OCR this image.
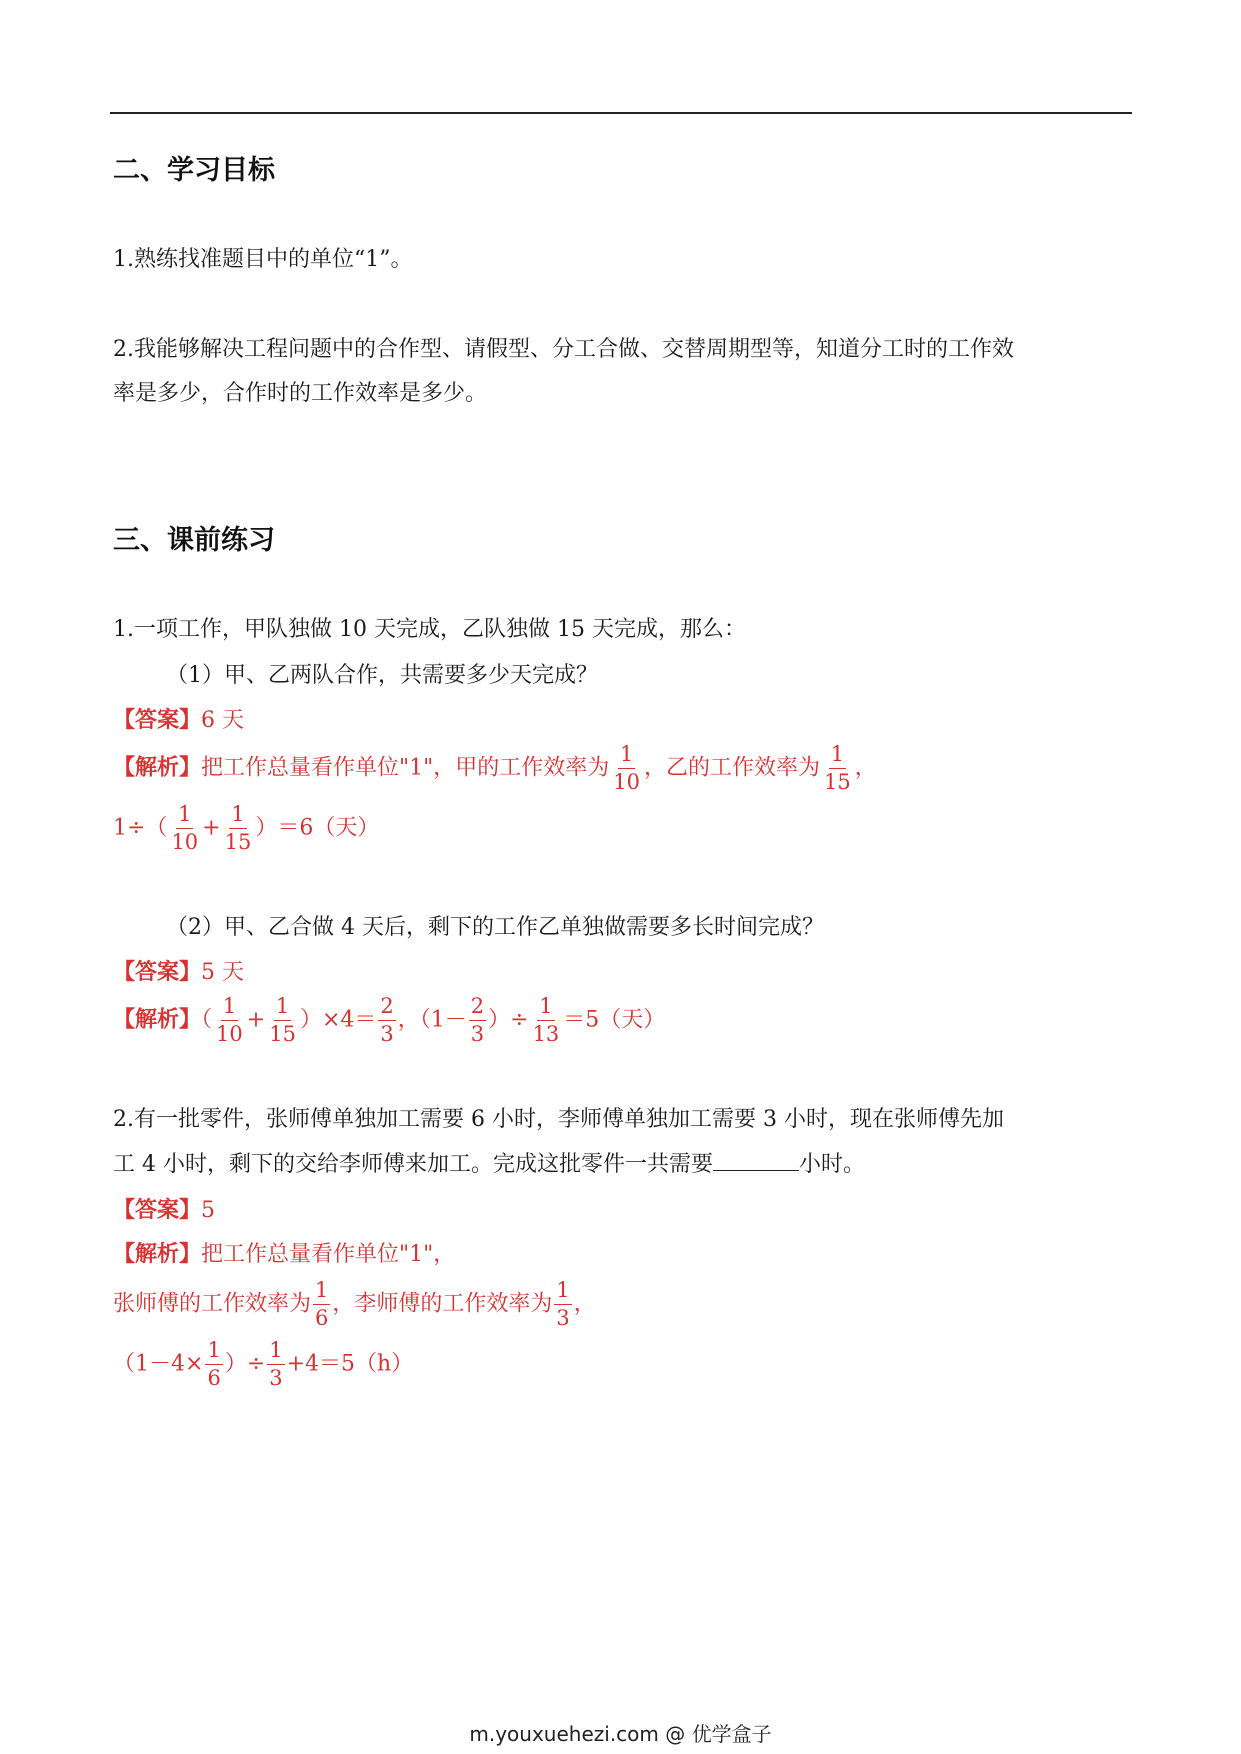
二、学习目标
1.熟练找准题目中的单位“1”。
2.我能够解决工程问题中的合作型、请假型、分工合做、交替周期型等，知道分工时的工作效
率是多少，合作时的工作效率是多少。
三、课前练习
1.一项工作，甲队独做 10 天完成，乙队独做 15 天完成，那么：
（1）甲、乙两队合作，共需要多少天完成？
【答案】6 天
【解析】把工作总量看作单位"1"，甲的工作效率为 $\frac{1}{10}$ ，乙的工作效率为 $\frac{1}{15}$ ，
$1\div( \frac{1}{10} + \frac{1}{15} )=6$（天）
（2）甲、乙合做 4 天后，剩下的工作乙单独做需要多长时间完成？
【答案】5 天
【解析】（ $\frac{1}{10} + \frac{1}{15} )\times 4= \frac{2}{3}$ ，（$1- \frac{2}{3}$ ）÷ $\frac{1}{13} =5$（天）
2.有一批零件，张师傅单独加工需要 6 小时，李师傅单独加工需要 3 小时，现在张师傅先加
工 4 小时，剩下的交给李师傅来加工。完成这批零件一共需要	小时。
【答案】5
【解析】把工作总量看作单位"1"，
张师傅的工作效率为 $\frac{1}{6}$ ，李师傅的工作效率为 $\frac{1}{3}$ ，
（$1-4\times \frac{1}{6}$ ）÷ $\frac{1}{3} +4=5(h)$
m.youxuehezi.com @ 优学盒子
